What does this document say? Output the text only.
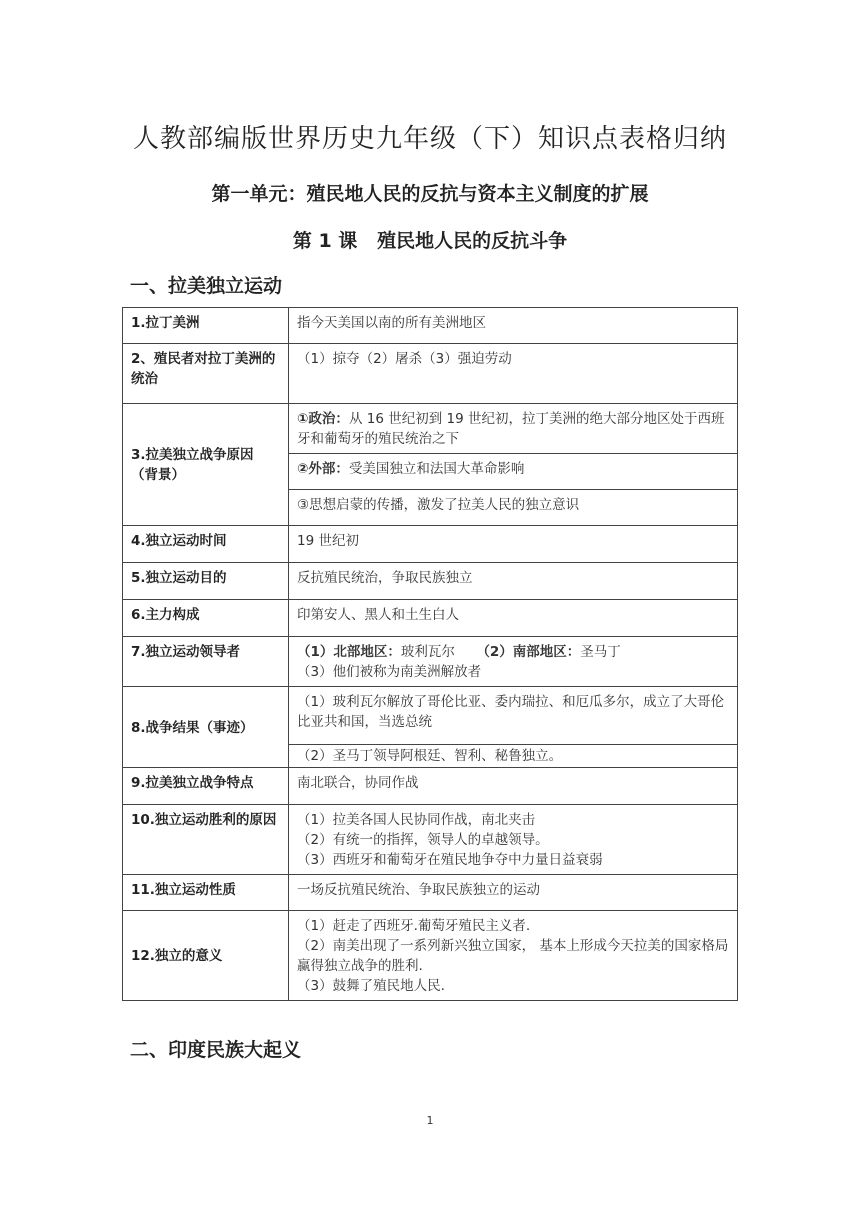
人教部编版世界历史九年级（下）知识点表格归纳
第一单元：殖民地人民的反抗与资本主义制度的扩展
第 1 课   殖民地人民的反抗斗争
一、拉美独立运动
1.拉丁美洲	指今天美国以南的所有美洲地区
2、殖民者对拉丁美洲的统治	（1）掠夺（2）屠杀（3）强迫劳动
3.拉美独立战争原因（背景）	①政治：从 16 世纪初到 19 世纪初，拉丁美洲的绝大部分地区处于西班牙和葡萄牙的殖民统治之下
	②外部：受美国独立和法国大革命影响
	③思想启蒙的传播，激发了拉美人民的独立意识
4.独立运动时间	19 世纪初
5.独立运动目的	反抗殖民统治，争取民族独立
6.主力构成	印第安人、黑人和土生白人
7.独立运动领导者	（1）北部地区：玻利瓦尔 （2）南部地区：圣马丁
（3）他们被称为南美洲解放者
8.战争结果（事迹）	（1）玻利瓦尔解放了哥伦比亚、委内瑞拉、和厄瓜多尔，成立了大哥伦比亚共和国，当选总统
	（2）圣马丁领导阿根廷、智利、秘鲁独立。
9.拉美独立战争特点	南北联合，协同作战
10.独立运动胜利的原因	（1）拉美各国人民协同作战，南北夹击
（2）有统一的指挥，领导人的卓越领导。
（3）西班牙和葡萄牙在殖民地争夺中力量日益衰弱

11.独立运动性质	一场反抗殖民统治、争取民族独立的运动
12.独立的意义	（1）赶走了西班牙.葡萄牙殖民主义者.
（2）南美出现了一系列新兴独立国家， 基本上形成今天拉美的国家格局赢得独立战争的胜利.
（3）鼓舞了殖民地人民.
二、印度民族大起义
1
